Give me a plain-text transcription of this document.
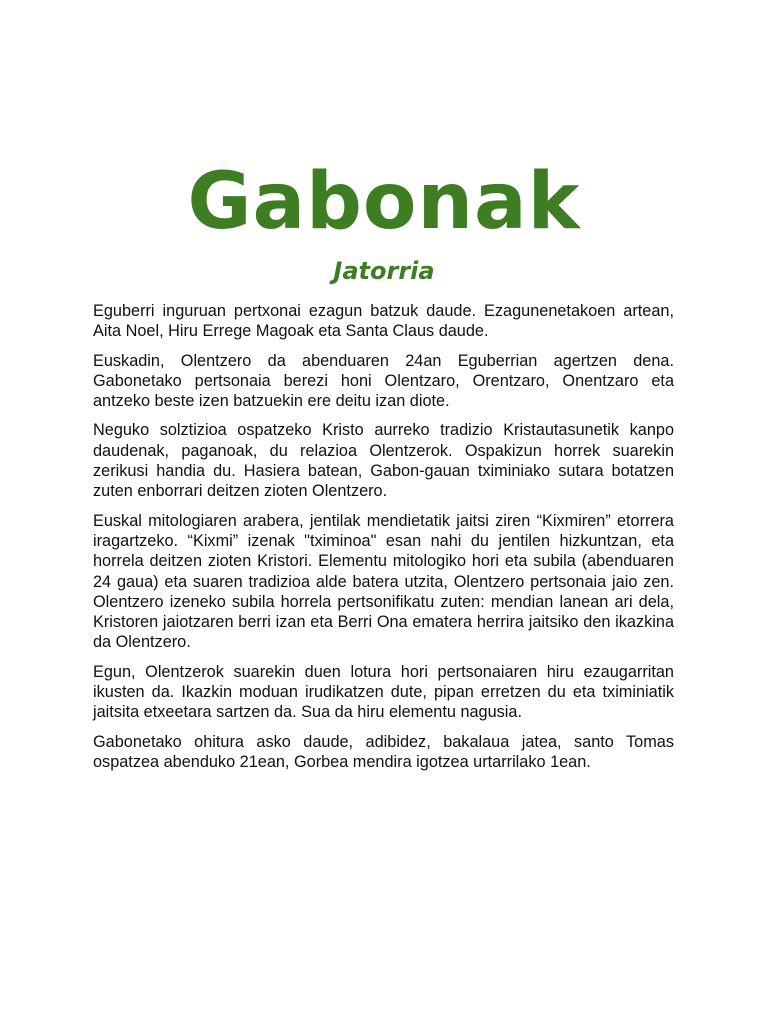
Gabonak
Jatorria

Eguberri inguruan pertxonai ezagun batzuk daude. Ezagunenetakoen artean, Aita Noel, Hiru Errege Magoak eta Santa Claus daude.

Euskadin, Olentzero da abenduaren 24an Eguberrian agertzen dena. Gabonetako pertsonaia berezi honi Olentzaro, Orentzaro, Onentzaro eta antzeko beste izen batzuekin ere deitu izan diote.

Neguko solztizioa ospatzeko Kristo aurreko tradizio Kristautasunetik kanpo daudenak, paganoak, du relazioa Olentzerok. Ospakizun horrek suarekin zerikusi handia du. Hasiera batean, Gabon-gauan tximiniako sutara botatzen zuten enborrari deitzen zioten Olentzero.

Euskal mitologiaren arabera, jentilak mendietatik jaitsi ziren “Kixmiren” etorrera iragartzeko. “Kixmi” izenak "tximinoa" esan nahi du jentilen hizkuntzan, eta horrela deitzen zioten Kristori. Elementu mitologiko hori eta subila (abenduaren 24 gaua) eta suaren tradizioa alde batera utzita, Olentzero pertsonaia jaio zen. Olentzero izeneko subila horrela pertsonifikatu zuten: mendian lanean ari dela, Kristoren jaiotzaren berri izan eta Berri Ona ematera herrira jaitsiko den ikazkina da Olentzero.

Egun, Olentzerok suarekin duen lotura hori pertsonaiaren hiru ezaugarritan ikusten da. Ikazkin moduan irudikatzen dute, pipan erretzen du eta tximiniatik jaitsita etxeetara sartzen da. Sua da hiru elementu nagusia.

Gabonetako ohitura asko daude, adibidez, bakalaua jatea, santo Tomas ospatzea abenduko 21ean, Gorbea mendira igotzea urtarrilako 1ean.
